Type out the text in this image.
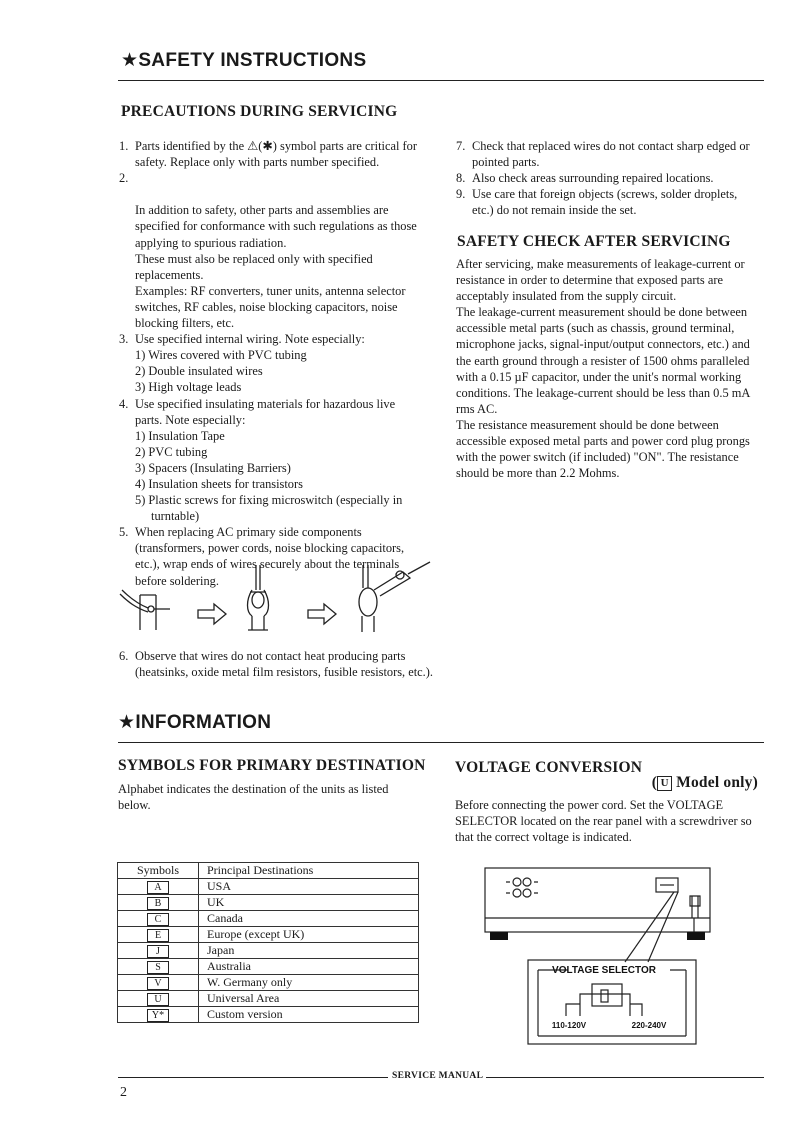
★SAFETY INSTRUCTIONS
PRECAUTIONS DURING SERVICING
1. Parts identified by the ⚠(✱) symbol parts are critical for safety. Replace only with parts number specified.

2.

In addition to safety, other parts and assemblies are specified for conformance with such regulations as those applying to spurious radiation.
These must also be replaced only with specified replacements.
Examples: RF converters, tuner units, antenna selector switches, RF cables, noise blocking capacitors, noise blocking filters, etc.

3. Use specified internal wiring. Note especially:
1) Wires covered with PVC tubing
2) Double insulated wires
3) High voltage leads
4. Use specified insulating materials for hazardous live parts. Note especially:
1) Insulation Tape
2) PVC tubing
3) Spacers (Insulating Barriers)
4) Insulation sheets for transistors
5) Plastic screws for fixing microswitch (especially in turntable)
5. When replacing AC primary side components (transformers, power cords, noise blocking capacitors, etc.), wrap ends of wires securely about the terminals before soldering.
6. Observe that wires do not contact heat producing parts (heatsinks, oxide metal film resistors, fusible resistors, etc.).
7. Check that replaced wires do not contact sharp edged or pointed parts.
8. Also check areas surrounding repaired locations.
9. Use care that foreign objects (screws, solder droplets, etc.) do not remain inside the set.
SAFETY CHECK AFTER SERVICING
After servicing, make measurements of leakage-current or resistance in order to determine that exposed parts are acceptably insulated from the supply circuit.
The leakage-current measurement should be done between accessible metal parts (such as chassis, ground terminal, microphone jacks, signal-input/output connectors, etc.) and the earth ground through a resister of 1500 ohms paralleled with a 0.15 µF capacitor, under the unit's normal working conditions. The leakage-current should be less than 0.5 mA rms AC.
The resistance measurement should be done between accessible exposed metal parts and power cord plug prongs with the power switch (if included) "ON". The resistance should be more than 2.2 Mohms.
★INFORMATION
SYMBOLS FOR PRIMARY DESTINATION
Alphabet indicates the destination of the units as listed below.
Symbols	Principal Destinations
A	USA
B	UK
C	Canada
E	Europe (except UK)
J	Japan
S	Australia
V	W. Germany only
U	Universal Area
Y*	Custom version
VOLTAGE CONVERSION
( U Model only)
Before connecting the power cord. Set the VOLTAGE SELECTOR located on the rear panel with a screwdriver so that the correct voltage is indicated.
VOLTAGE SELECTOR
110-120V	220-240V
SERVICE MANUAL
2
